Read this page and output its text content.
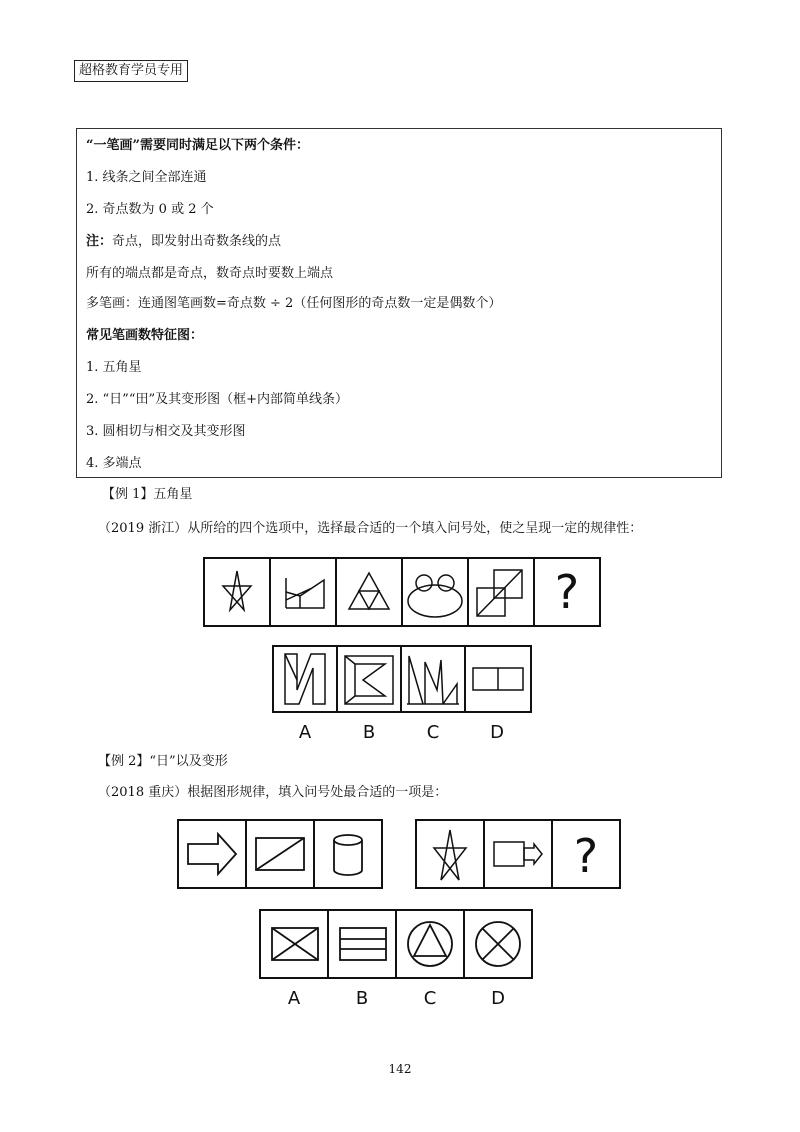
超格教育学员专用
“一笔画”需要同时满足以下两个条件：
1. 线条之间全部连通
2. 奇点数为 0 或 2 个
注：奇点，即发射出奇数条线的点
所有的端点都是奇点，数奇点时要数上端点
多笔画：连通图笔画数=奇点数 ÷ 2（任何图形的奇点数一定是偶数个）
常见笔画数特征图：
1. 五角星
2. “日”“田”及其变形图（框+内部简单线条）
3. 圆相切与相交及其变形图
4. 多端点
【例 1】五角星
（2019 浙江）从所给的四个选项中，选择最合适的一个填入问号处，使之呈现一定的规律性：
【例 2】“日”以及变形
（2018 重庆）根据图形规律，填入问号处最合适的一项是：
?
?
A	B	C	D
A	B	C	D
142
